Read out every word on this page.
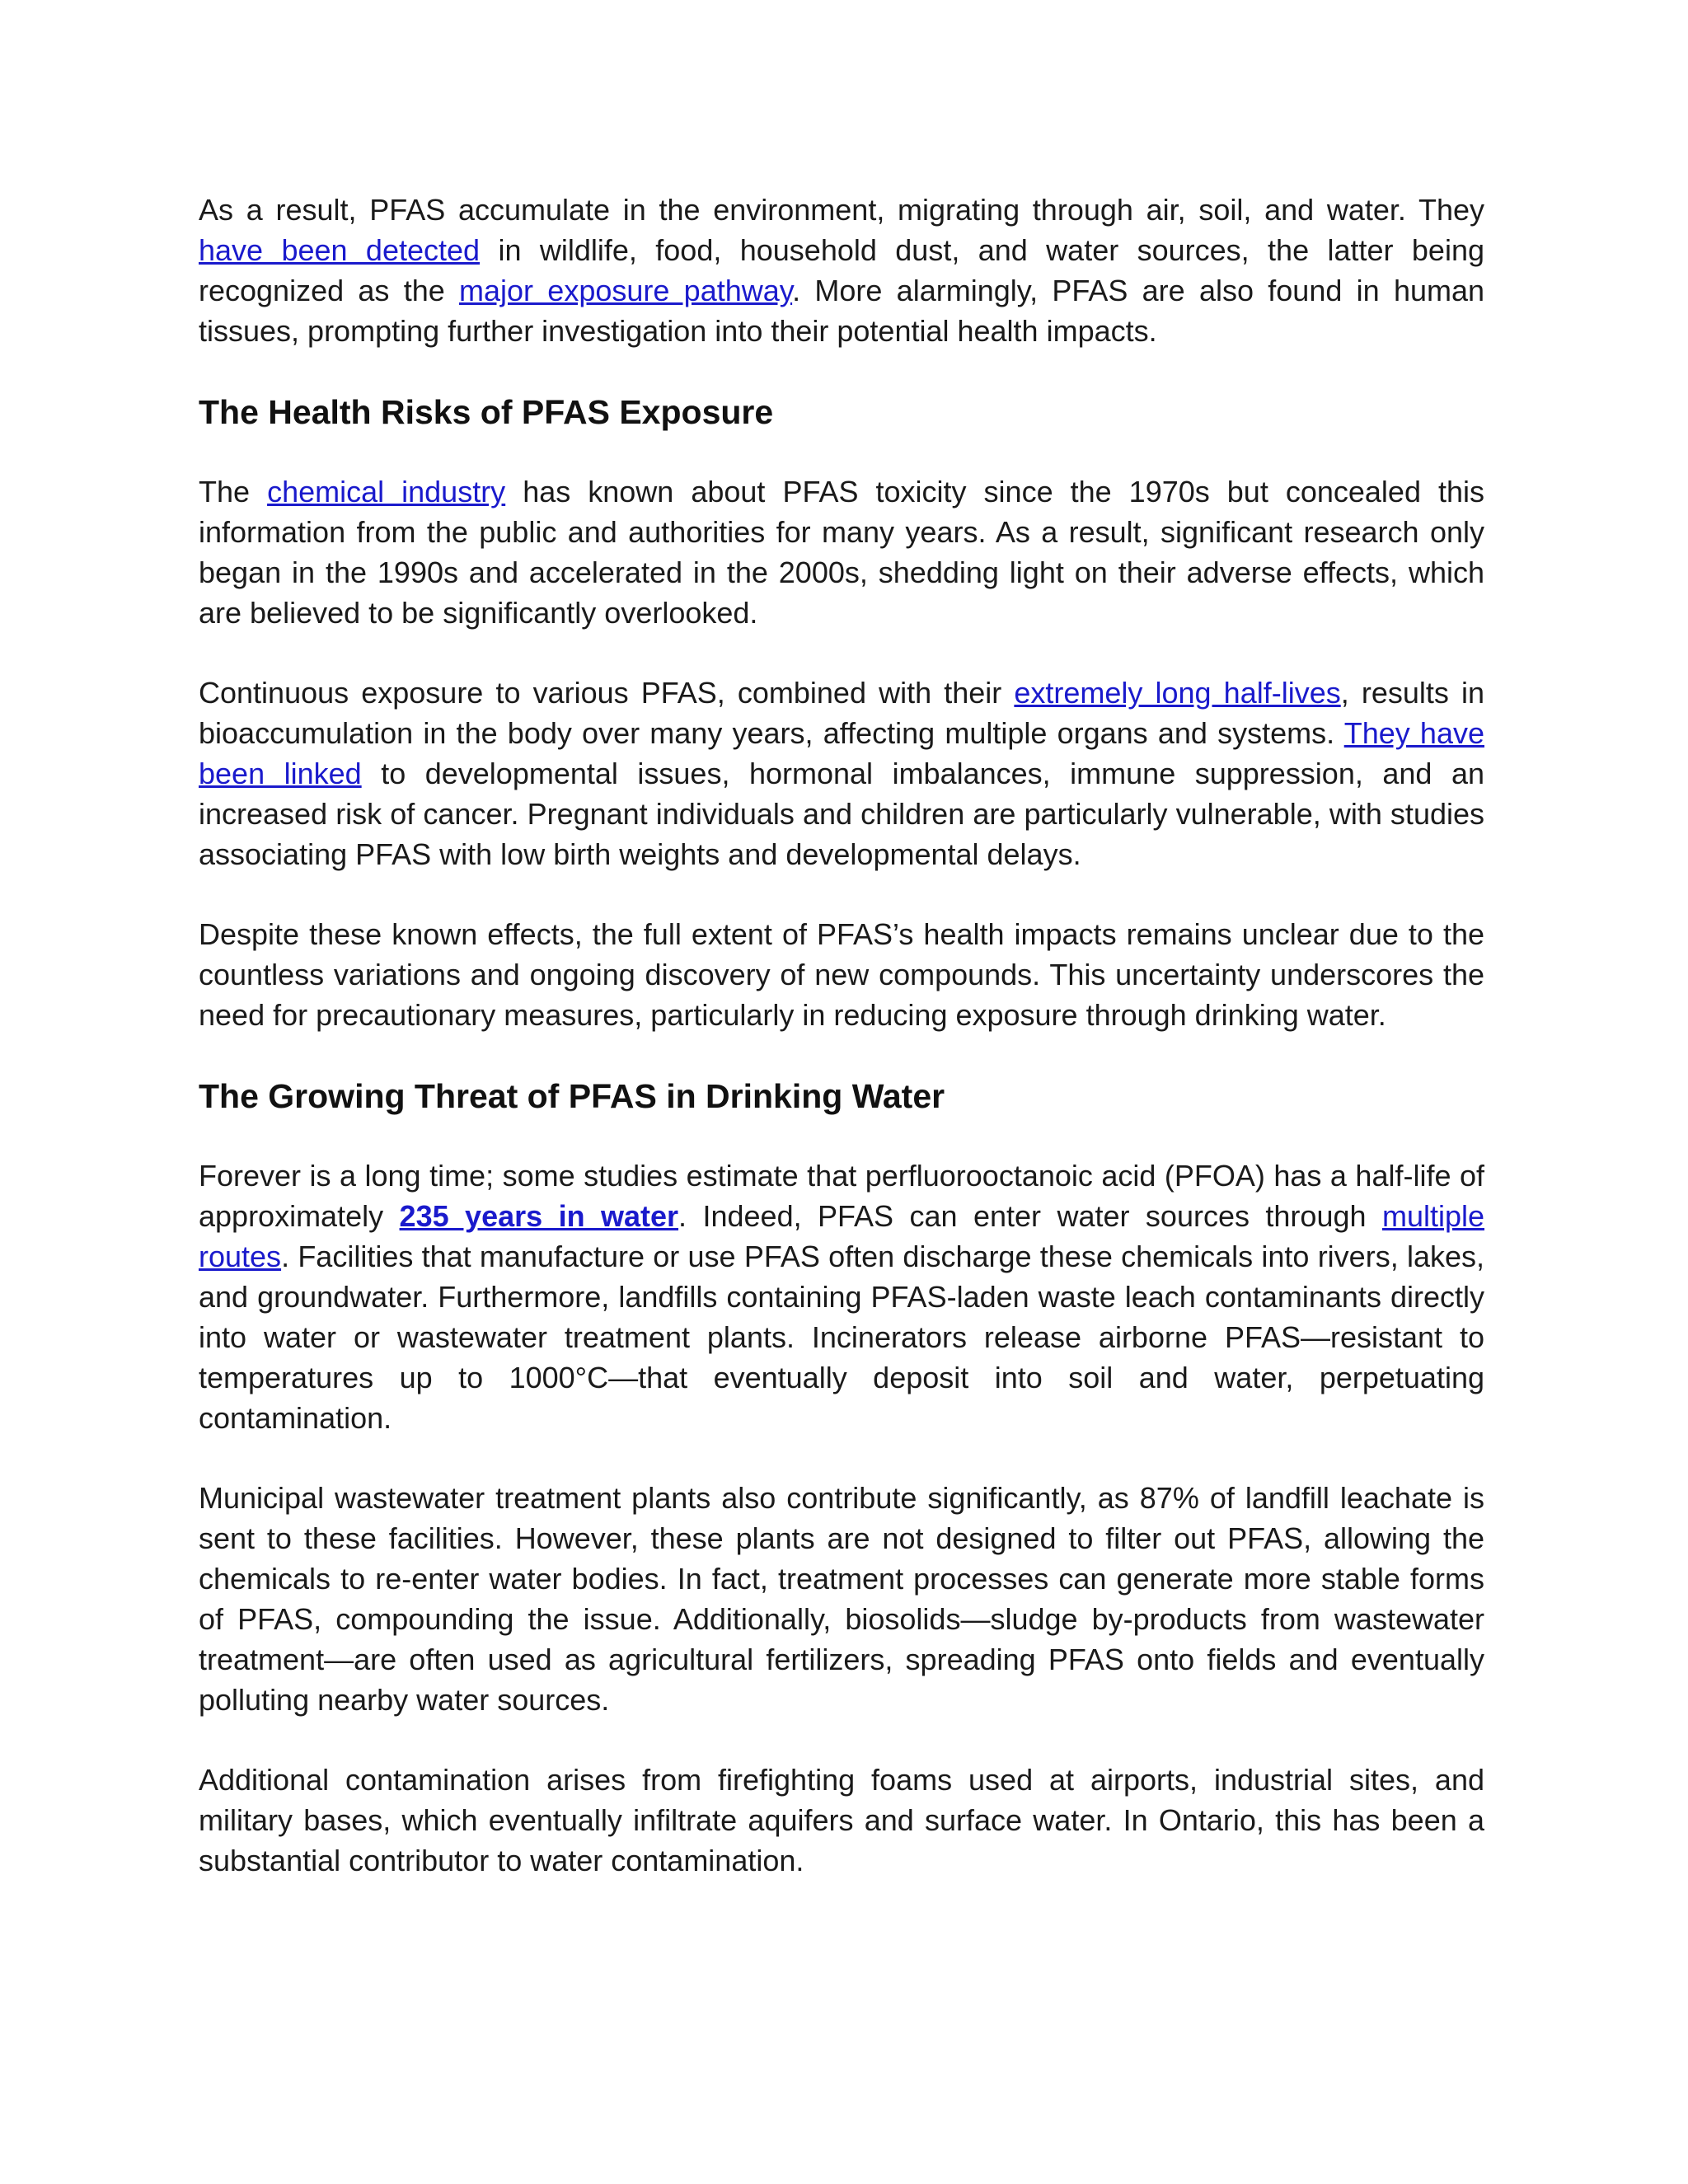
As a result, PFAS accumulate in the environment, migrating through air, soil, and water. They have been detected in wildlife, food, household dust, and water sources, the latter being recognized as the major exposure pathway. More alarmingly, PFAS are also found in human tissues, prompting further investigation into their potential health impacts.

The Health Risks of PFAS Exposure

The chemical industry has known about PFAS toxicity since the 1970s but concealed this information from the public and authorities for many years. As a result, significant research only began in the 1990s and accelerated in the 2000s, shedding light on their adverse effects, which are believed to be significantly overlooked.

Continuous exposure to various PFAS, combined with their extremely long half-lives, results in bioaccumulation in the body over many years, affecting multiple organs and systems. They have been linked to developmental issues, hormonal imbalances, immune suppression, and an increased risk of cancer. Pregnant individuals and children are particularly vulnerable, with studies associating PFAS with low birth weights and developmental delays.

Despite these known effects, the full extent of PFAS’s health impacts remains unclear due to the countless variations and ongoing discovery of new compounds. This uncertainty underscores the need for precautionary measures, particularly in reducing exposure through drinking water.

The Growing Threat of PFAS in Drinking Water

Forever is a long time; some studies estimate that perfluorooctanoic acid (PFOA) has a half-life of approximately 235 years in water. Indeed, PFAS can enter water sources through multiple routes. Facilities that manufacture or use PFAS often discharge these chemicals into rivers, lakes, and groundwater. Furthermore, landfills containing PFAS-laden waste leach contaminants directly into water or wastewater treatment plants. Incinerators release airborne PFAS—resistant to temperatures up to 1000°C—that eventually deposit into soil and water, perpetuating contamination.

Municipal wastewater treatment plants also contribute significantly, as 87% of landfill leachate is sent to these facilities. However, these plants are not designed to filter out PFAS, allowing the chemicals to re-enter water bodies. In fact, treatment processes can generate more stable forms of PFAS, compounding the issue. Additionally, biosolids—sludge by-products from wastewater treatment—are often used as agricultural fertilizers, spreading PFAS onto fields and eventually polluting nearby water sources.

Additional contamination arises from firefighting foams used at airports, industrial sites, and military bases, which eventually infiltrate aquifers and surface water. In Ontario, this has been a substantial contributor to water contamination.
